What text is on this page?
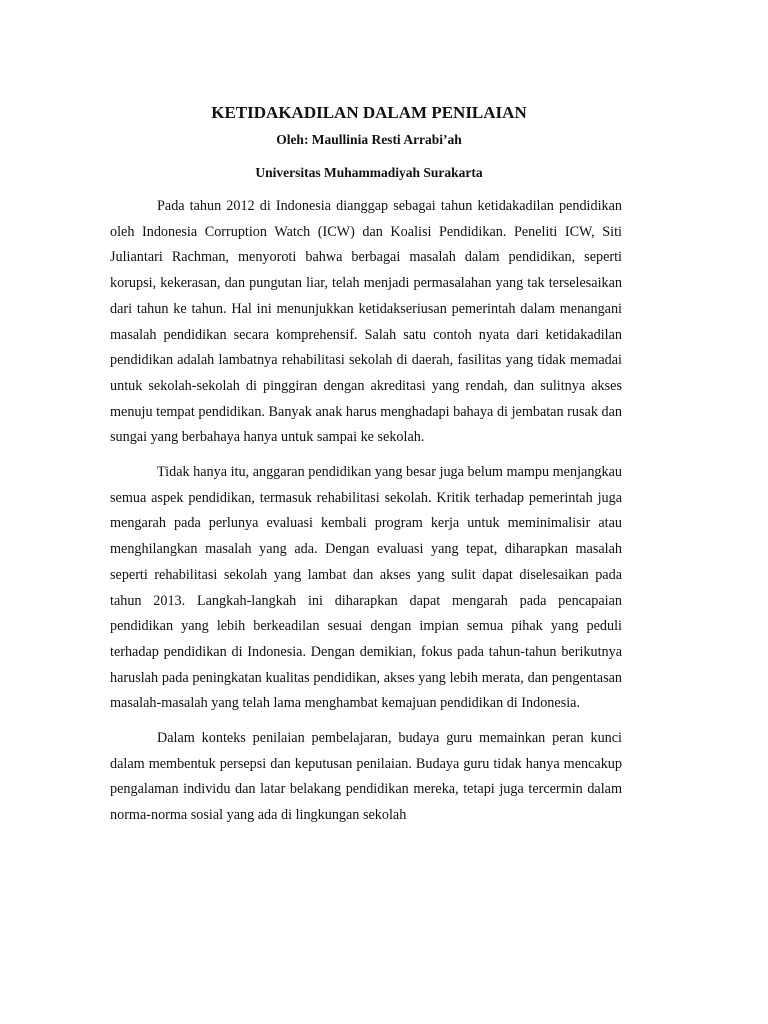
KETIDAKADILAN DALAM PENILAIAN
Oleh: Maullinia Resti Arrabi’ah
Universitas Muhammadiyah Surakarta

Pada tahun 2012 di Indonesia dianggap sebagai tahun ketidakadilan pendidikan oleh Indonesia Corruption Watch (ICW) dan Koalisi Pendidikan. Peneliti ICW, Siti Juliantari Rachman, menyoroti bahwa berbagai masalah dalam pendidikan, seperti korupsi, kekerasan, dan pungutan liar, telah menjadi permasalahan yang tak terselesaikan dari tahun ke tahun. Hal ini menunjukkan ketidakseriusan pemerintah dalam menangani masalah pendidikan secara komprehensif. Salah satu contoh nyata dari ketidakadilan pendidikan adalah lambatnya rehabilitasi sekolah di daerah, fasilitas yang tidak memadai untuk sekolah-sekolah di pinggiran dengan akreditasi yang rendah, dan sulitnya akses menuju tempat pendidikan. Banyak anak harus menghadapi bahaya di jembatan rusak dan sungai yang berbahaya hanya untuk sampai ke sekolah.

Tidak hanya itu, anggaran pendidikan yang besar juga belum mampu menjangkau semua aspek pendidikan, termasuk rehabilitasi sekolah. Kritik terhadap pemerintah juga mengarah pada perlunya evaluasi kembali program kerja untuk meminimalisir atau menghilangkan masalah yang ada. Dengan evaluasi yang tepat, diharapkan masalah seperti rehabilitasi sekolah yang lambat dan akses yang sulit dapat diselesaikan pada tahun 2013. Langkah-langkah ini diharapkan dapat mengarah pada pencapaian pendidikan yang lebih berkeadilan sesuai dengan impian semua pihak yang peduli terhadap pendidikan di Indonesia. Dengan demikian, fokus pada tahun-tahun berikutnya haruslah pada peningkatan kualitas pendidikan, akses yang lebih merata, dan pengentasan masalah-masalah yang telah lama menghambat kemajuan pendidikan di Indonesia.

Dalam konteks penilaian pembelajaran, budaya guru memainkan peran kunci dalam membentuk persepsi dan keputusan penilaian. Budaya guru tidak hanya mencakup pengalaman individu dan latar belakang pendidikan mereka, tetapi juga tercermin dalam norma-norma sosial yang ada di lingkungan sekolah
